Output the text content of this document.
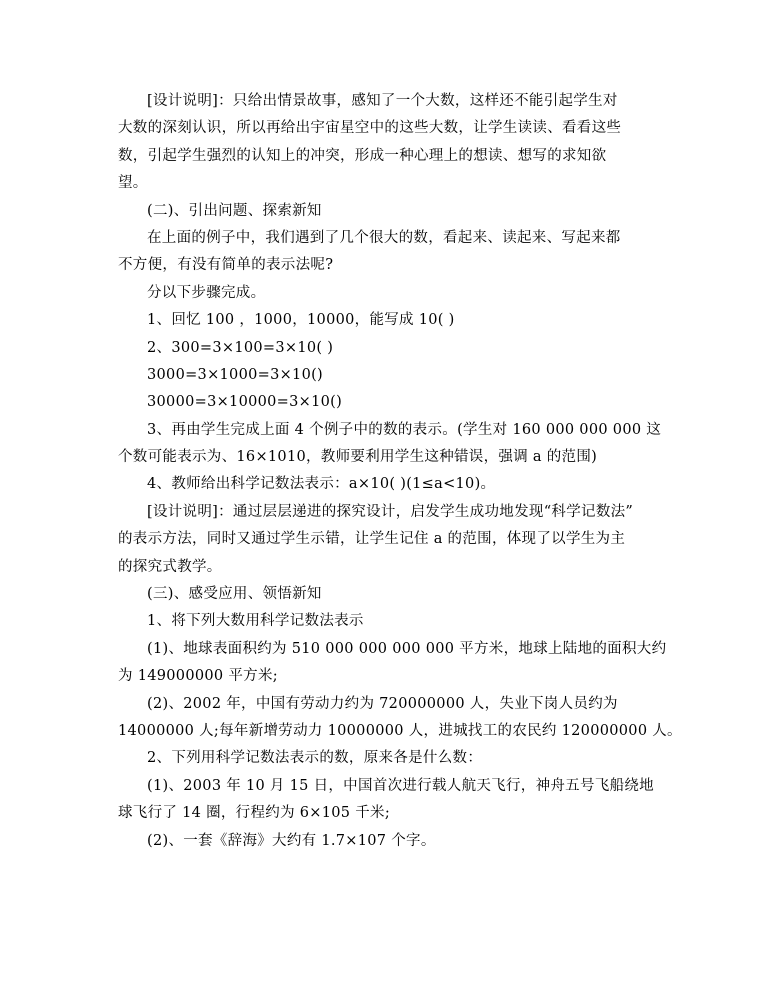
[设计说明]：只给出情景故事，感知了一个大数，这样还不能引起学生对
大数的深刻认识，所以再给出宇宙星空中的这些大数，让学生读读、看看这些
数，引起学生强烈的认知上的冲突，形成一种心理上的想读、想写的求知欲
望。
(二)、引出问题、探索新知
在上面的例子中，我们遇到了几个很大的数，看起来、读起来、写起来都
不方便，有没有简单的表示法呢?
分以下步骤完成。
1、回忆 100 ，1000，10000，能写成 10( )
2、300=3×100=3×10( )
3000=3×1000=3×10()
30000=3×10000=3×10()
3、再由学生完成上面 4 个例子中的数的表示。(学生对 160 000 000 000 这
个数可能表示为、16×1010，教师要利用学生这种错误，强调 a 的范围)
4、教师给出科学记数法表示：a×10( )(1≤a<10)。
[设计说明]：通过层层递进的探究设计，启发学生成功地发现“科学记数法”
的表示方法，同时又通过学生示错，让学生记住 a 的范围，体现了以学生为主
的探究式教学。
(三)、感受应用、领悟新知
1、将下列大数用科学记数法表示
(1)、地球表面积约为 510 000 000 000 000 平方米，地球上陆地的面积大约
为 149000000 平方米;
(2)、2002 年，中国有劳动力约为 720000000 人，失业下岗人员约为
14000000 人;每年新增劳动力 10000000 人，进城找工的农民约 120000000 人。
2、下列用科学记数法表示的数，原来各是什么数：
(1)、2003 年 10 月 15 日，中国首次进行载人航天飞行，神舟五号飞船绕地
球飞行了 14 圈，行程约为 6×105 千米;
(2)、一套《辞海》大约有 1.7×107 个字。
